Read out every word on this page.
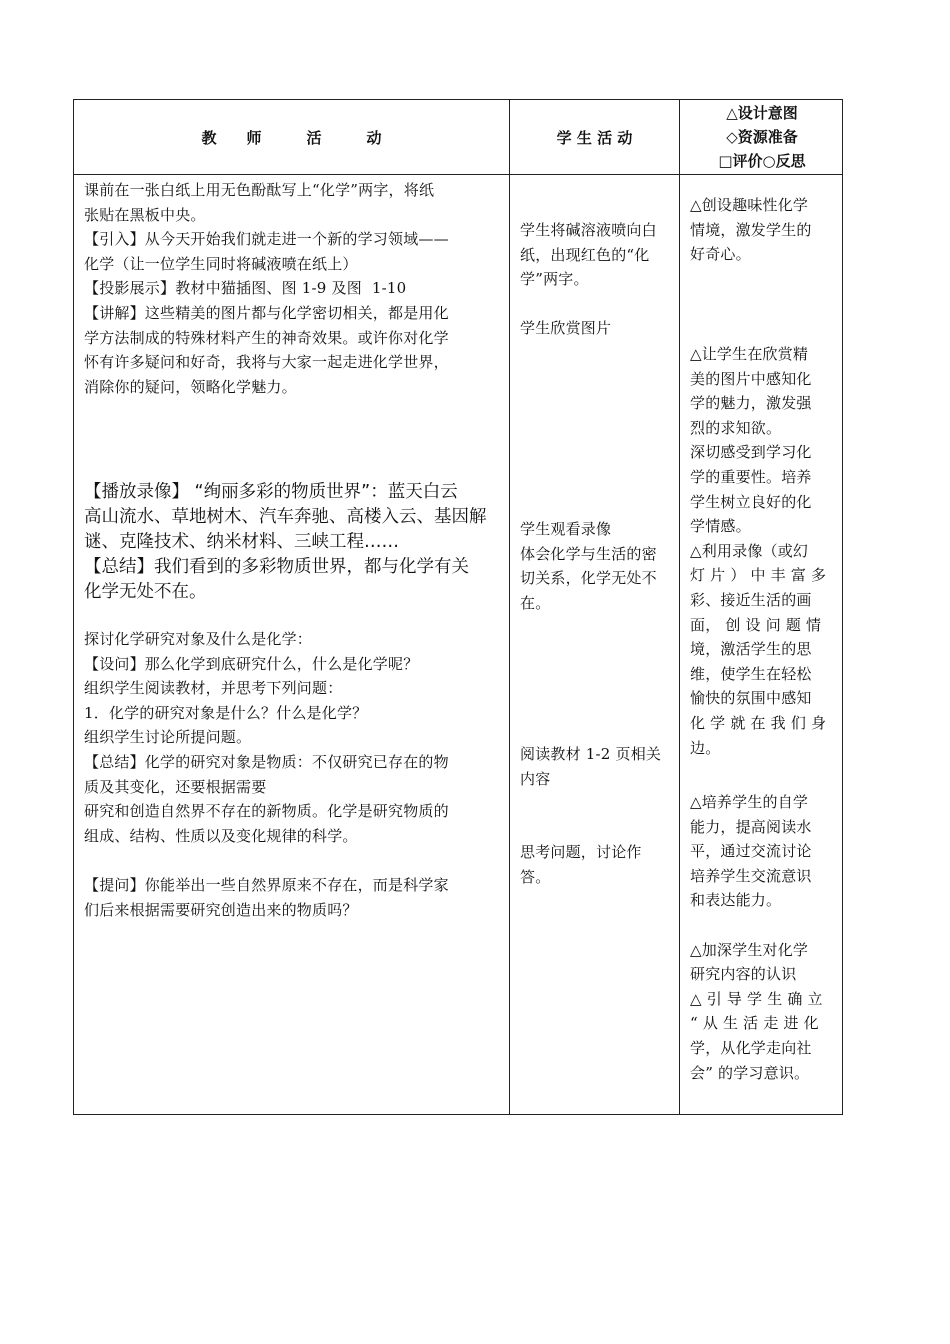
教　　师　　　活　　　动	学 生 活 动
△设计意图
◇资源准备
□评价○反思

课前在一张白纸上用无色酚酞写上“化学”两字，将纸

张贴在黑板中央。

【引入】从今天开始我们就走进一个新的学习领域——

化学（让一位学生同时将碱液喷在纸上）

【投影展示】教材中猫插图、图 1-9 及图  1-10

【讲解】这些精美的图片都与化学密切相关，都是用化

学方法制成的特殊材料产生的神奇效果。或许你对化学

怀有许多疑问和好奇，我将与大家一起走进化学世界，

消除你的疑问，领略化学魅力。

【播放录像】 “绚丽多彩的物质世界”：蓝天白云

高山流水、草地树木、汽车奔驰、高楼入云、基因解

谜、克隆技术、纳米材料、三峡工程……

【总结】我们看到的多彩物质世界，都与化学有关

化学无处不在。

探讨化学研究对象及什么是化学：

【设问】那么化学到底研究什么，什么是化学呢？

组织学生阅读教材，并思考下列问题：

1．化学的研究对象是什么？什么是化学？

组织学生讨论所提问题。

【总结】化学的研究对象是物质：不仅研究已存在的物

质及其变化，还要根据需要

研究和创造自然界不存在的新物质。化学是研究物质的

组成、结构、性质以及变化规律的科学。

【提问】你能举出一些自然界原来不存在，而是科学家

们后来根据需要研究创造出来的物质吗？

学生将碱溶液喷向白

纸，出现红色的“化

学”两字。

学生欣赏图片

学生观看录像

体会化学与生活的密

切关系，化学无处不

在。

阅读教材 1-2 页相关

内容

思考问题，讨论作

答。

△创设趣味性化学

情境，激发学生的

好奇心。

△让学生在欣赏精

美的图片中感知化

学的魅力，激发强

烈的求知欲。

深切感受到学习化

学的重要性。培养

学生树立良好的化

学情感。

△利用录像（或幻

灯 片 ） 中 丰 富 多

彩、接近生活的画

面， 创 设 问 题 情

境，激活学生的思

维，使学生在轻松

愉快的氛围中感知

化 学 就 在 我 们 身

边。

△培养学生的自学

能力，提高阅读水

平，通过交流讨论

培养学生交流意识

和表达能力。

△加深学生对化学

研究内容的认识

△ 引 导 学 生 确 立

“ 从 生 活 走 进 化

学，从化学走向社

会” 的学习意识。
